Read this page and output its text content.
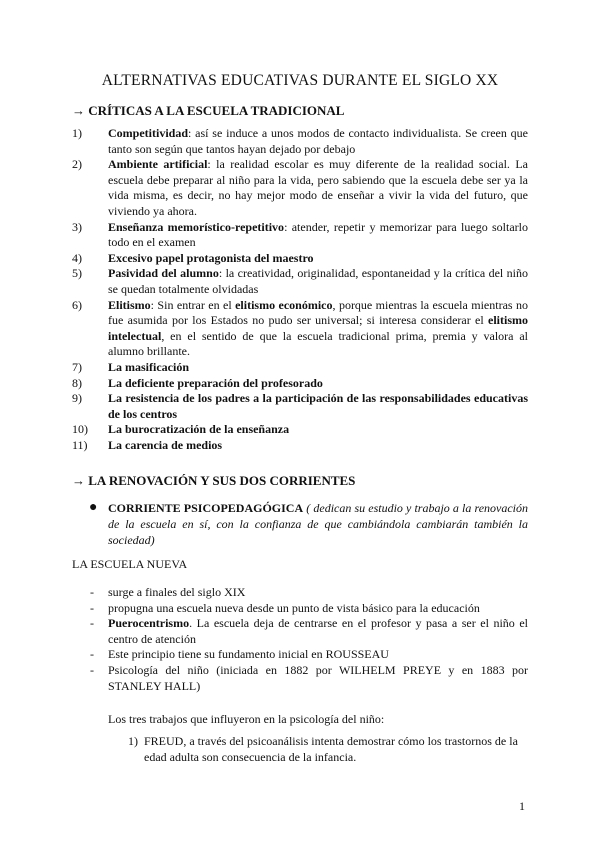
ALTERNATIVAS EDUCATIVAS DURANTE EL SIGLO XX
→ CRÍTICAS A LA ESCUELA TRADICIONAL
1)	Competitividad: así se induce a unos modos de contacto individualista. Se creen que tanto son según que tantos hayan dejado por debajo
2)	Ambiente artificial: la realidad escolar es muy diferente de la realidad social. La escuela debe preparar al niño para la vida, pero sabiendo que la escuela debe ser ya la vida misma, es decir, no hay mejor modo de enseñar a vivir la vida del futuro, que viviendo ya ahora.
3)	Enseñanza memorístico-repetitivo: atender, repetir y memorizar para luego soltarlo todo en el examen
4)	Excesivo papel protagonista del maestro
5)	Pasividad del alumno: la creatividad, originalidad, espontaneidad y la crítica del niño se quedan totalmente olvidadas
6)	Elitismo: Sin entrar en el elitismo económico, porque mientras la escuela mientras no fue asumida por los Estados no pudo ser universal; si interesa considerar el elitismo intelectual, en el sentido de que la escuela tradicional prima, premia y valora al alumno brillante.
7)	La masificación
8)	La deficiente preparación del profesorado
9)	La resistencia de los padres a la participación de las responsabilidades educativas de los centros
10)	La burocratización de la enseñanza
11)	La carencia de medios
→ LA RENOVACIÓN Y SUS DOS CORRIENTES
● CORRIENTE PSICOPEDAGÓGICA ( dedican su estudio y trabajo a la renovación de la escuela en sí, con la confianza de que cambiándola cambiarán también la sociedad)
LA ESCUELA NUEVA
- surge a finales del siglo XIX
- propugna una escuela nueva desde un punto de vista básico para la educación
- Puerocentrismo. La escuela deja de centrarse en el profesor y pasa a ser el niño el centro de atención
- Este principio tiene su fundamento inicial en ROUSSEAU
- Psicología del niño (iniciada en 1882 por WILHELM PREYE y en 1883 por STANLEY HALL)
Los tres trabajos que influyeron en la psicología del niño:
1) FREUD, a través del psicoanálisis intenta demostrar cómo los trastornos de la edad adulta son consecuencia de la infancia.
1
